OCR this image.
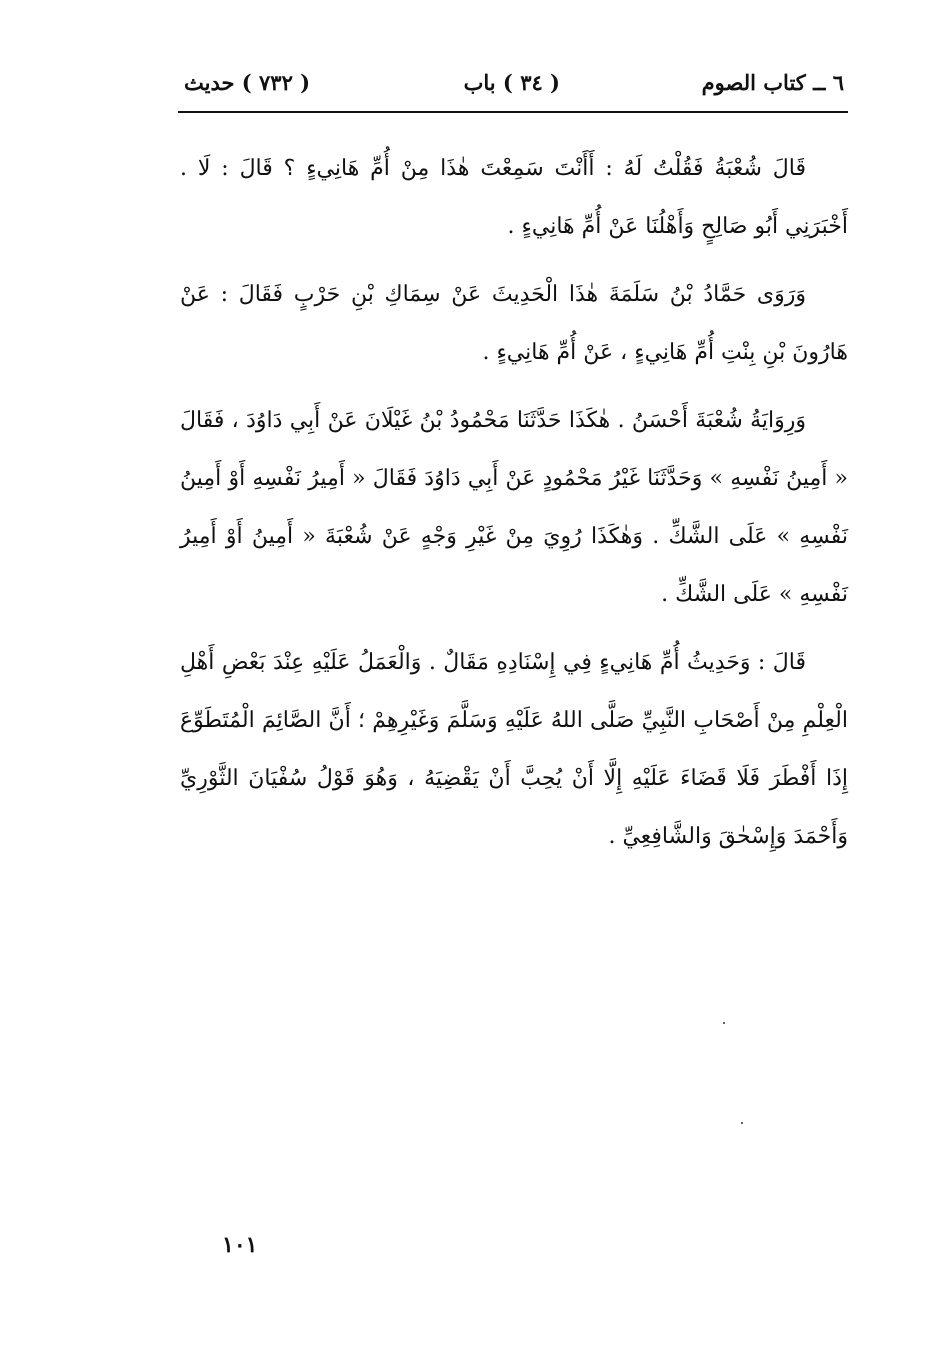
٦ ــ كتاب الصوم
( ٣٤ ) باب
( ٧٣٢ ) حديث

قَالَ شُعْبَةُ فَقُلْتُ لَهُ : أَأَنْتَ سَمِعْتَ هٰذَا مِنْ أُمِّ هَانِيءٍ ؟ قَالَ : لَا . أَخْبَرَنِي أَبُو صَالِحٍ وَأَهْلُنَا عَنْ أُمِّ هَانِيءٍ .

وَرَوَى حَمَّادُ بْنُ سَلَمَةَ هٰذَا الْحَدِيثَ عَنْ سِمَاكِ بْنِ حَرْبٍ فَقَالَ : عَنْ هَارُونَ بْنِ بِنْتِ أُمِّ هَانِيءٍ ، عَنْ أُمِّ هَانِيءٍ .

وَرِوَايَةُ شُعْبَةَ أَحْسَنُ . هٰكَذَا حَدَّثَنَا مَحْمُودُ بْنُ غَيْلَانَ عَنْ أَبِي دَاوُدَ ، فَقَالَ « أَمِينُ نَفْسِهِ » وَحَدَّثَنَا غَيْرُ مَحْمُودٍ عَنْ أَبِي دَاوُدَ فَقَالَ « أَمِيرُ نَفْسِهِ أَوْ أَمِينُ نَفْسِهِ » عَلَى الشَّكِّ . وَهٰكَذَا رُوِيَ مِنْ غَيْرِ وَجْهٍ عَنْ شُعْبَةَ « أَمِينُ أَوْ أَمِيرُ نَفْسِهِ » عَلَى الشَّكِّ .

قَالَ : وَحَدِيثُ أُمِّ هَانِيءٍ فِي إِسْنَادِهِ مَقَالٌ . وَالْعَمَلُ عَلَيْهِ عِنْدَ بَعْضِ أَهْلِ الْعِلْمِ مِنْ أَصْحَابِ النَّبِيِّ صَلَّى اللهُ عَلَيْهِ وَسَلَّمَ وَغَيْرِهِمْ ؛ أَنَّ الصَّائِمَ الْمُتَطَوِّعَ إِذَا أَفْطَرَ فَلَا قَضَاءَ عَلَيْهِ إِلَّا أَنْ يُحِبَّ أَنْ يَقْضِيَهُ ، وَهُوَ قَوْلُ سُفْيَانَ الثَّوْرِيِّ وَأَحْمَدَ وَإِسْحٰقَ وَالشَّافِعِيِّ .

١٠١
